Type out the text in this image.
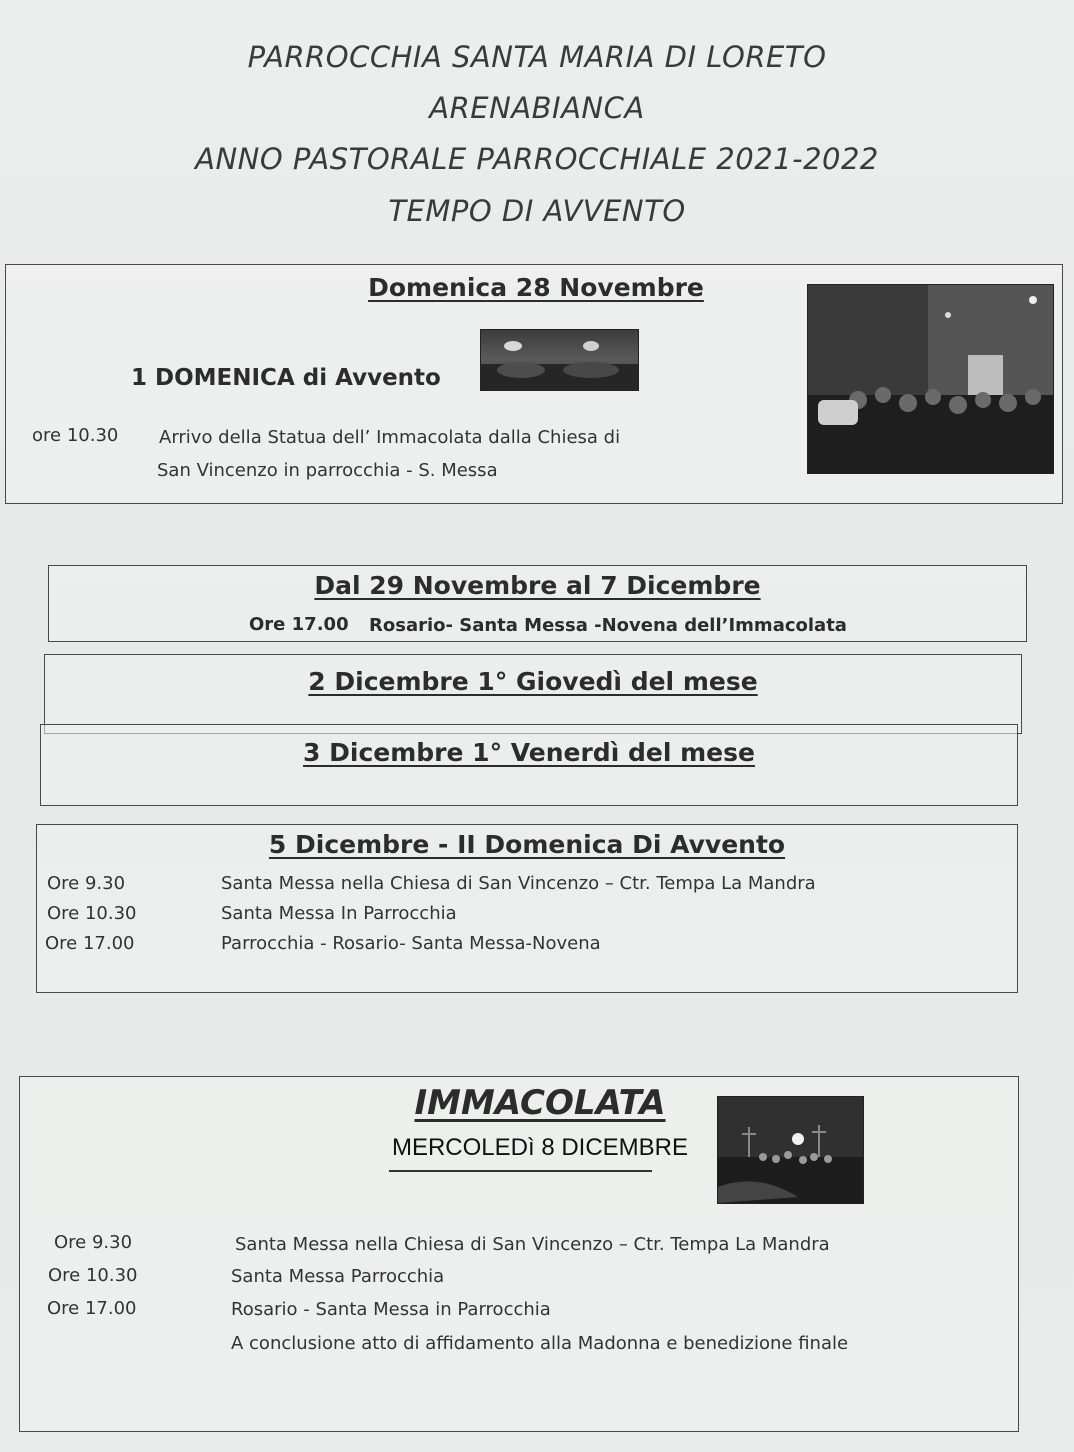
PARROCCHIA SANTA MARIA DI LORETO
ARENABIANCA
ANNO PASTORALE PARROCCHIALE 2021-2022
TEMPO DI AVVENTO
Domenica 28 Novembre
1 DOMENICA di Avvento
ore 10.30 Arrivo della Statua dell’ Immacolata dalla Chiesa di
San Vincenzo in parrocchia - S. Messa
Dal 29 Novembre al 7 Dicembre
Ore 17.00 Rosario- Santa Messa -Novena dell’Immacolata
2 Dicembre 1° Giovedì del mese
3 Dicembre 1° Venerdì del mese
5 Dicembre - II Domenica Di Avvento
Ore 9.30	Santa Messa nella Chiesa di San Vincenzo – Ctr. Tempa La Mandra
Ore 10.30	Santa Messa In Parrocchia
Ore 17.00	Parrocchia - Rosario- Santa Messa-Novena
IMMACOLATA
MERCOLEDì 8 DICEMBRE
Ore 9.30	Santa Messa nella Chiesa di San Vincenzo – Ctr. Tempa La Mandra
Ore 10.30	Santa Messa Parrocchia
Ore 17.00	Rosario - Santa Messa in Parrocchia
A conclusione atto di affidamento alla Madonna e benedizione finale
